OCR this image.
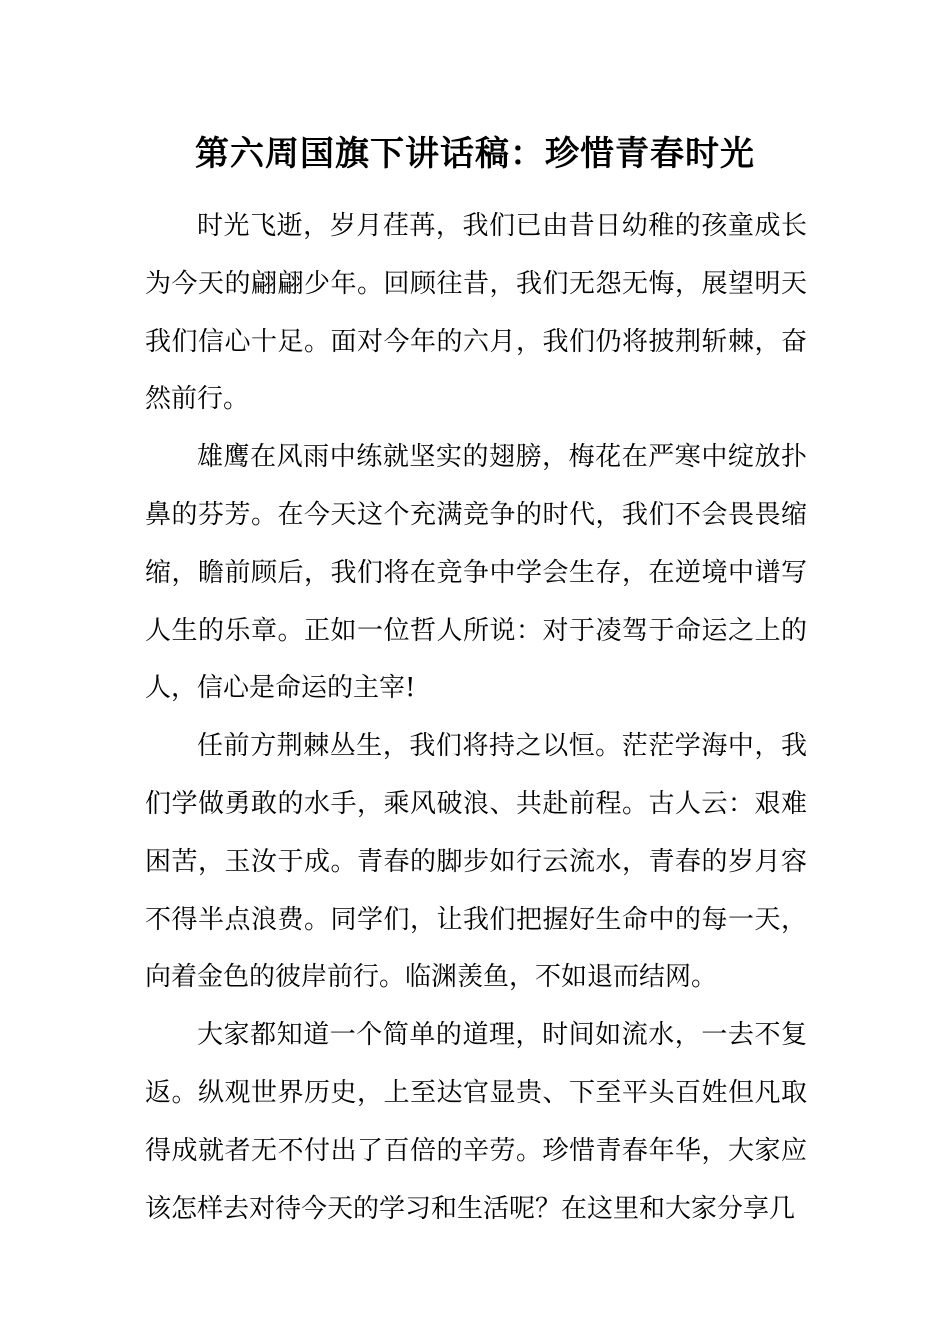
第六周国旗下讲话稿：珍惜青春时光

时光飞逝，岁月荏苒，我们已由昔日幼稚的孩童成长为今天的翩翩少年。回顾往昔，我们无怨无悔，展望明天我们信心十足。面对今年的六月，我们仍将披荆斩棘，奋然前行。

雄鹰在风雨中练就坚实的翅膀，梅花在严寒中绽放扑鼻的芬芳。在今天这个充满竞争的时代，我们不会畏畏缩缩，瞻前顾后，我们将在竞争中学会生存，在逆境中谱写人生的乐章。正如一位哲人所说：对于凌驾于命运之上的人，信心是命运的主宰!

任前方荆棘丛生，我们将持之以恒。茫茫学海中，我们学做勇敢的水手，乘风破浪、共赴前程。古人云：艰难困苦，玉汝于成。青春的脚步如行云流水，青春的岁月容不得半点浪费。同学们，让我们把握好生命中的每一天，向着金色的彼岸前行。临渊羡鱼，不如退而结网。

大家都知道一个简单的道理，时间如流水，一去不复返。纵观世界历史，上至达官显贵、下至平头百姓但凡取得成就者无不付出了百倍的辛劳。珍惜青春年华，大家应该怎样去对待今天的学习和生活呢？在这里和大家分享几
